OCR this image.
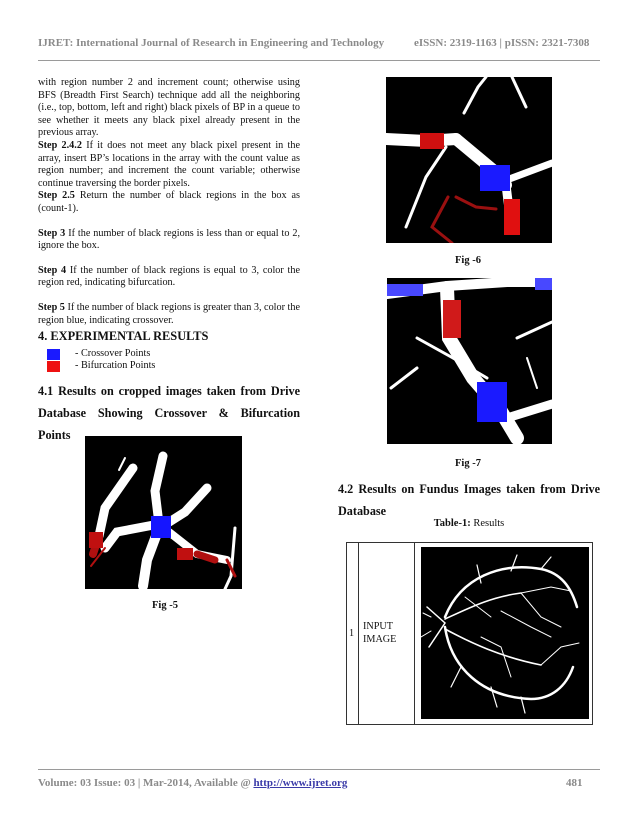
IJRET: International Journal of Research in Engineering and Technology	eISSN: 2319-1163 | pISSN: 2321-7308

with region number 2 and increment count; otherwise using BFS (Breadth First Search) technique add all the neighboring (i.e., top, bottom, left and right) black pixels of BP in a queue to see whether it meets any black pixel already present in the previous array.

Step 2.4.2 If it does not meet any black pixel present in the array, insert BP’s locations in the array with the count value as region number; and increment the count variable; otherwise continue traversing the border pixels.

Step 2.5 Return the number of black regions in the box as (count-1).

Step 3 If the number of black regions is less than or equal to 2, ignore the box.

Step 4 If the number of black regions is equal to 3, color the region red, indicating bifurcation.

Step 5 If the number of black regions is greater than 3, color the region blue, indicating crossover.

4. EXPERIMENTAL RESULTS
- Crossover Points
- Bifurcation Points
4.1 Results on cropped images taken from Drive Database Showing Crossover & Bifurcation Points
Fig -5
Fig -6
Fig -7
4.2 Results on Fundus Images taken from Drive Database
Table-1: Results
1
INPUT
IMAGE
Volume: 03 Issue: 03 | Mar-2014, Available @ http://www.ijret.org	481
